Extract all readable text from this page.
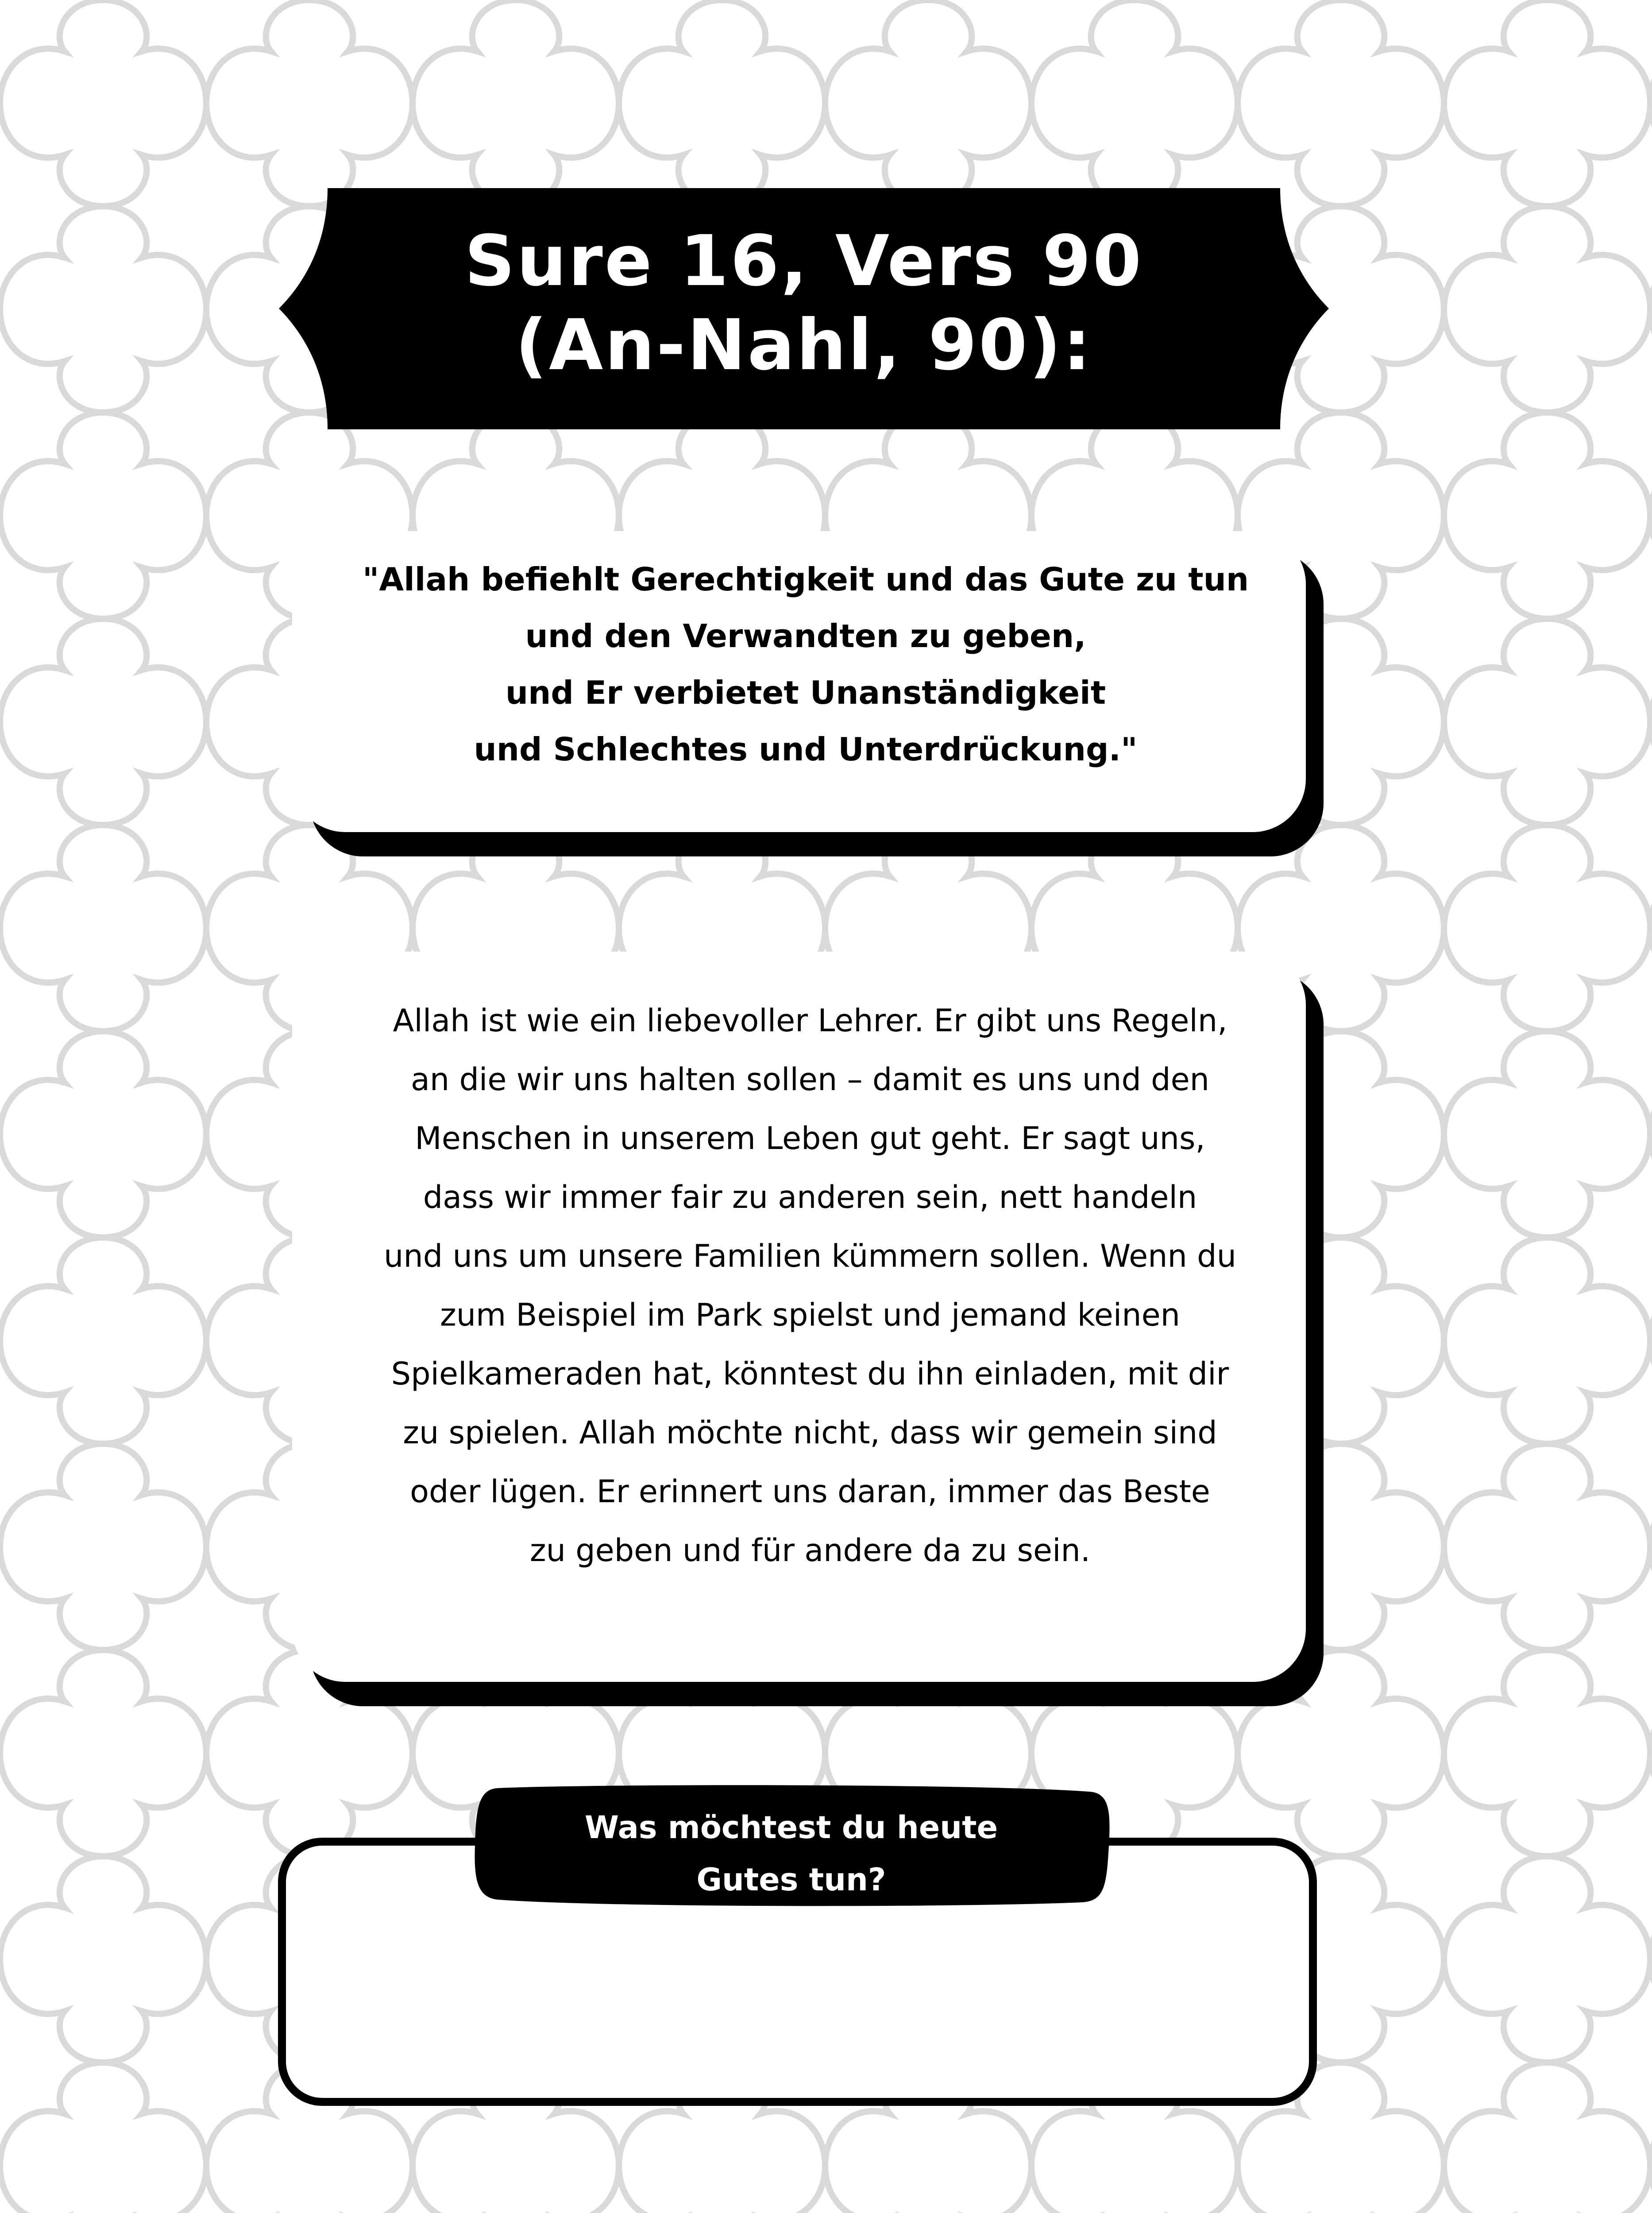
Sure 16, Vers 90
(An-Nahl, 90):
"Allah befiehlt Gerechtigkeit und das Gute zu tun
und den Verwandten zu geben,
und Er verbietet Unanständigkeit
und Schlechtes und Unterdrückung."
Allah ist wie ein liebevoller Lehrer. Er gibt uns Regeln,
an die wir uns halten sollen – damit es uns und den
Menschen in unserem Leben gut geht. Er sagt uns,
dass wir immer fair zu anderen sein, nett handeln
und uns um unsere Familien kümmern sollen. Wenn du
zum Beispiel im Park spielst und jemand keinen
Spielkameraden hat, könntest du ihn einladen, mit dir
zu spielen. Allah möchte nicht, dass wir gemein sind
oder lügen. Er erinnert uns daran, immer das Beste
zu geben und für andere da zu sein.
Was möchtest du heute
Gutes tun?
